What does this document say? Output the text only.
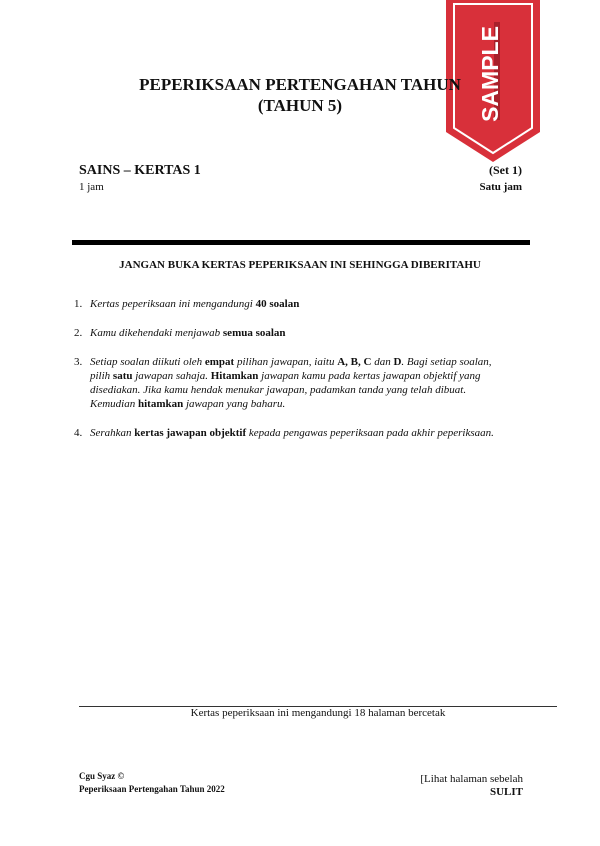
SAMPLE
PEPERIKSAAN PERTENGAHAN TAHUN
(TAHUN 5)
SAINS – KERTAS 1
1 jam
(Set 1)
Satu jam
JANGAN BUKA KERTAS PEPERIKSAAN INI SEHINGGA DIBERITAHU
1. Kertas peperiksaan ini mengandungi 40 soalan
2. Kamu dikehendaki menjawab semua soalan
3. Setiap soalan diikuti oleh empat pilihan jawapan, iaitu A, B, C dan D. Bagi setiap soalan, pilih satu jawapan sahaja. Hitamkan jawapan kamu pada kertas jawapan objektif yang disediakan. Jika kamu hendak menukar jawapan, padamkan tanda yang telah dibuat. Kemudian hitamkan jawapan yang baharu.
4. Serahkan kertas jawapan objektif kepada pengawas peperiksaan pada akhir peperiksaan.
Kertas peperiksaan ini mengandungi 18 halaman bercetak
Cgu Syaz ©
Peperiksaan Pertengahan Tahun 2022
[Lihat halaman sebelah
SULIT
